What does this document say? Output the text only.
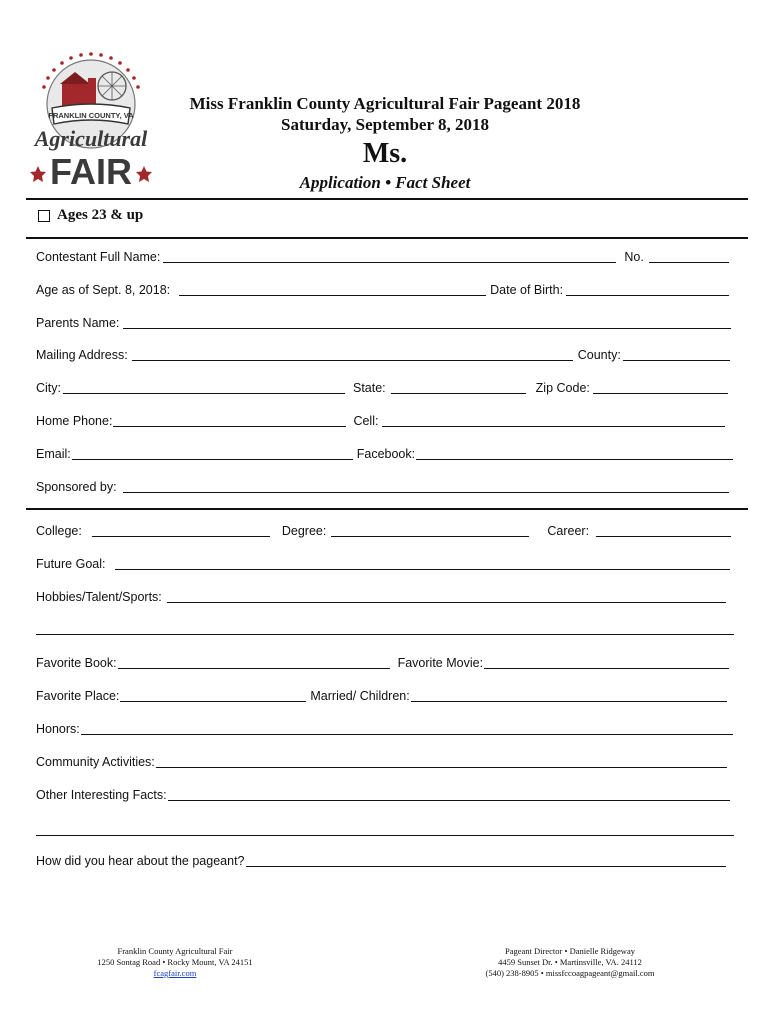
FRANKLIN COUNTY, VA
Agricultural
FAIR
Miss Franklin County Agricultural Fair Pageant 2018
Saturday, September 8, 2018
Ms.
Application • Fact Sheet
Ages 23 & up
Contestant Full Name:	No.
Age as of Sept. 8, 2018:	Date of Birth:
Parents Name:
Mailing Address:	County:
City:	State:	Zip Code:
Home Phone:	Cell:
Email:	Facebook:
Sponsored by:
College:	Degree:	Career:
Future Goal:
Hobbies/Talent/Sports:
Favorite Book:	Favorite Movie:
Favorite Place:	Married/ Children:
Honors:
Community Activities:
Other Interesting Facts:
How did you hear about the pageant?
Franklin County Agricultural Fair
1250 Sontag Road • Rocky Mount, VA 24151
fcagfair.com
Pageant Director • Danielle Ridgeway
4459 Sunset Dr. • Martinsville, VA. 24112
(540) 238-8905 • missfccoagpageant@gmail.com
